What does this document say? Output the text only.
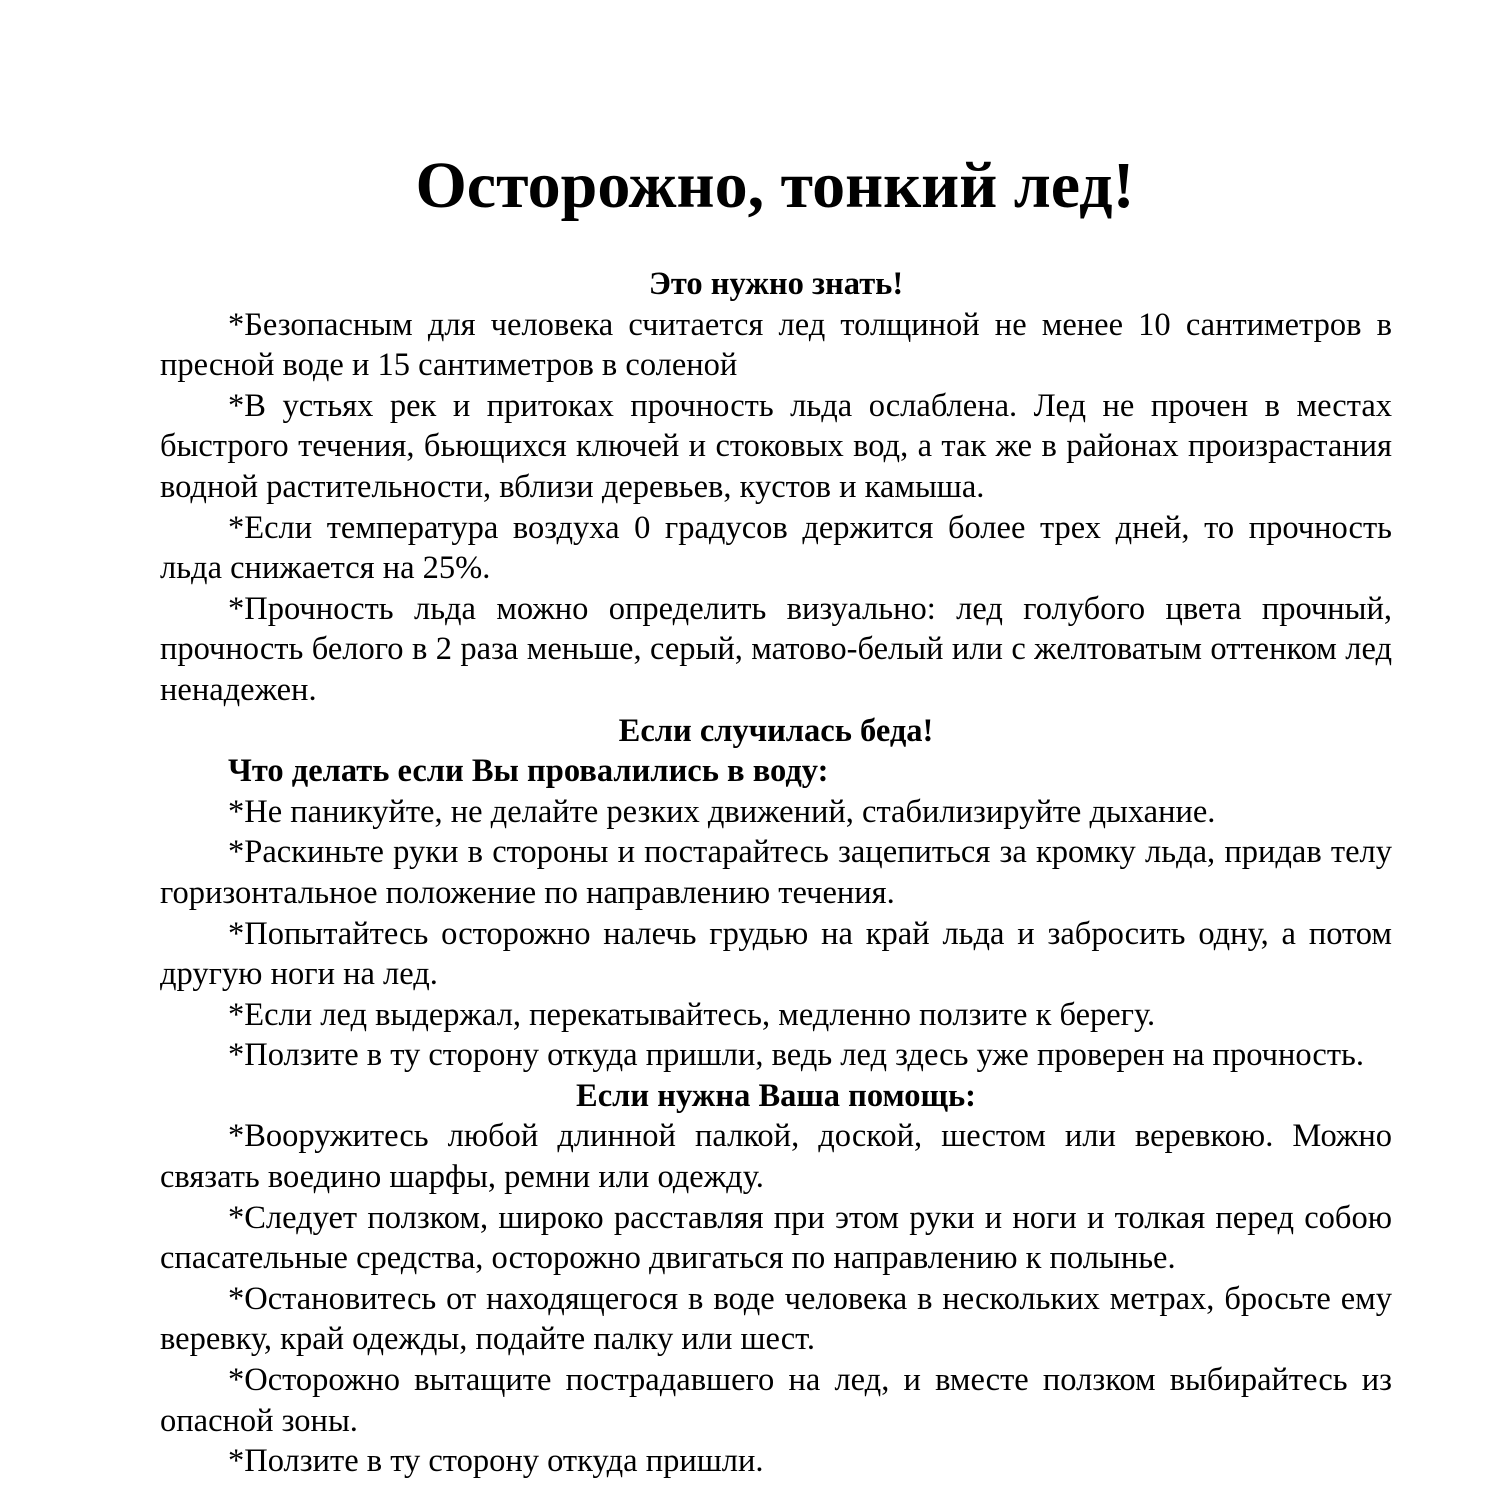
Осторожно, тонкий лед!

Это нужно знать!

*Безопасным для человека считается лед толщиной не менее 10 сантиметров в пресной воде и 15 сантиметров в соленой

*В устьях рек и притоках прочность льда ослаблена. Лед не прочен в местах быстрого течения, бьющихся ключей и стоковых вод, а так же в районах произрастания водной растительности, вблизи деревьев, кустов и камыша.

*Если температура воздуха 0 градусов держится более трех дней, то прочность льда снижается на 25%.

*Прочность льда можно определить визуально: лед голубого цвета прочный, прочность белого в 2 раза меньше, серый, матово-белый или с желтоватым оттенком лед ненадежен.

Если случилась беда!

Что делать если Вы провалились в воду:

*Не паникуйте, не делайте резких движений, стабилизируйте дыхание.

*Раскиньте руки в стороны и постарайтесь зацепиться за кромку льда, придав телу горизонтальное положение по направлению течения.

*Попытайтесь осторожно налечь грудью на край льда и забросить одну, а потом другую ноги на лед.

*Если лед выдержал, перекатывайтесь, медленно ползите к берегу.

*Ползите в ту сторону откуда пришли, ведь лед здесь уже проверен на прочность.

Если нужна Ваша помощь:

*Вооружитесь любой длинной палкой, доской, шестом или веревкою. Можно связать воедино шарфы, ремни или одежду.

*Следует ползком, широко расставляя при этом руки и ноги и толкая перед собою спасательные средства, осторожно двигаться по направлению к полынье.

*Остановитесь от находящегося в воде человека в нескольких метрах, бросьте ему веревку, край одежды, подайте палку или шест.

*Осторожно вытащите пострадавшего на лед, и вместе ползком выбирайтесь из опасной зоны.

*Ползите в ту сторону откуда пришли.
